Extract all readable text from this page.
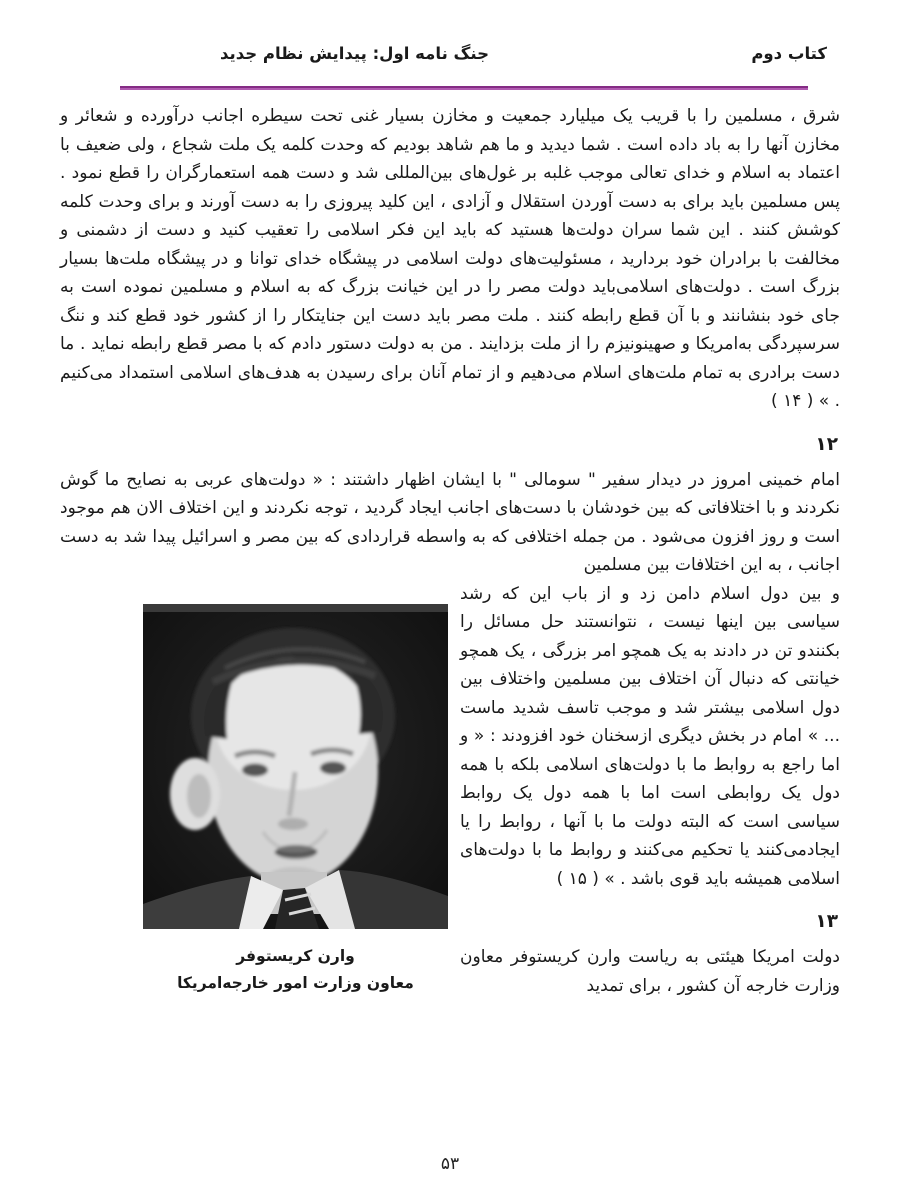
کتاب دوم
جنگ نامه اول: پیدایش نظام جدید

شرق ، مسلمین را با قریب یک میلیارد جمعیت و مخازن بسیار غنی تحت سیطره اجانب درآورده و شعائر و مخازن آنها را به باد داده است . شما دیدید و ما هم شاهد بودیم که وحدت کلمه یک ملت شجاع ، ولی ضعیف با اعتماد به اسلام و خدای تعالی موجب غلبه بر غول‌های بین‌المللی شد و دست همه استعمارگران را قطع نمود . پس مسلمین باید برای به دست آوردن استقلال و آزادی ، این کلید پیروزی را به دست آورند و برای وحدت کلمه کوشش کنند . این شما سران دولت‌ها هستید که باید این فکر اسلامی را تعقیب کنید و دست از دشمنی و مخالفت با برادران خود بردارید ، مسئولیت‌های دولت اسلامی در پیشگاه خدای توانا و در پیشگاه ملت‌ها بسیار بزرگ است . دولت‌های اسلامی‌باید دولت مصر را در این خیانت بزرگ که به اسلام و مسلمین نموده است به جای خود بنشانند و با آن قطع رابطه کنند . ملت مصر باید دست این جنایتکار را از کشور خود قطع کند و ننگ سرسپردگی به‌امریکا و صهینونیزم را از ملت بزدایند . من به دولت دستور دادم که با مصر قطع رابطه نماید . ما دست برادری به تمام ملت‌های اسلام می‌دهیم و از تمام آنان برای رسیدن به هدف‌های اسلامی استمداد می‌کنیم . » ( ۱۴ )

۱۲

امام خمینی امروز در دیدار سفیر " سومالی " با ایشان اظهار داشتند : « دولت‌های عربی به نصایح ما گوش نکردند و با اختلافاتی که بین خودشان با دست‌های اجانب ایجاد گردید ، توجه نکردند و این اختلاف الان هم موجود است و روز افزون می‌شود . من جمله اختلافی که به واسطه قراردادی که بین مصر و اسرائیل پیدا شد به دست اجانب ، به این اختلافات بین مسلمین

وارن کریستوفر
معاون وزارت امور خارجه‌امریکا

و بین دول اسلام دامن زد و از باب این که رشد سیاسی بین اینها نیست ، نتوانستند حل مسائل را بکنندو تن در دادند به یک همچو امر بزرگی ، یک همچو خیانتی که دنبال آن اختلاف بین مسلمین واختلاف بین دول اسلامی بیشتر شد و موجب تاسف شدید ماست ... » امام در بخش دیگری ازسخنان خود افزودند : « و اما راجع به روابط ما با دولت‌های اسلامی بلکه با همه دول یک روابطی است اما با همه دول یک روابط سیاسی است که البته دولت ما با آنها ، روابط را یا ایجادمی‌کنند یا تحکیم می‌کنند و روابط ما با دولت‌های اسلامی همیشه باید قوی باشد . » ( ۱۵ )

۱۳

دولت امریکا هیئتی به ریاست وارن کریستوفر معاون وزارت خارجه آن کشور ، برای تمدید

۵۳
